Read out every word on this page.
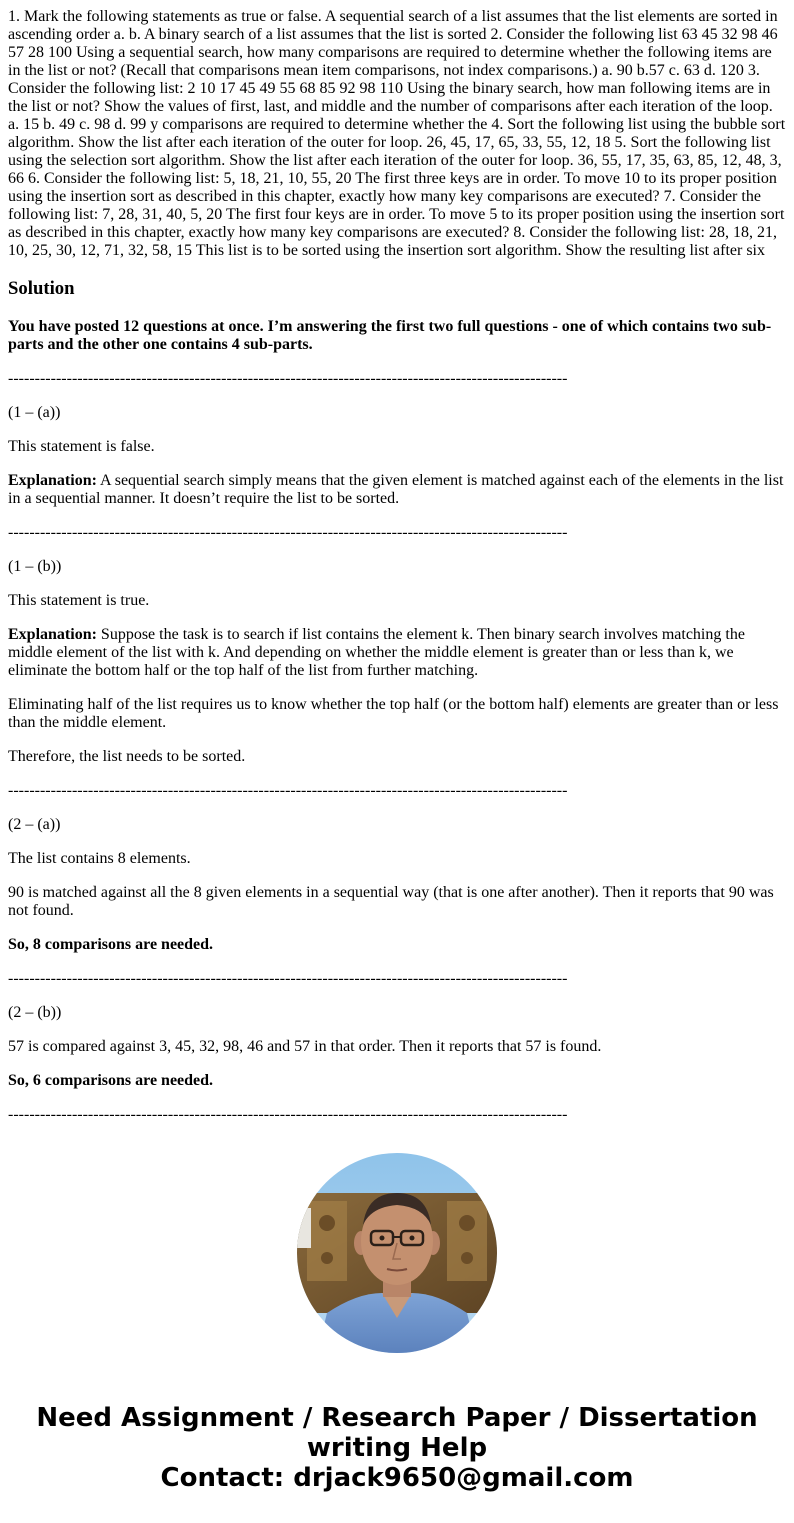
1. Mark the following statements as true or false. A sequential search of a list assumes that the list elements are sorted in ascending order a. b. A binary search of a list assumes that the list is sorted 2. Consider the following list 63 45 32 98 46 57 28 100 Using a sequential search, how many comparisons are required to determine whether the following items are in the list or not? (Recall that comparisons mean item comparisons, not index comparisons.) a. 90 b.57 c. 63 d. 120 3. Consider the following list: 2 10 17 45 49 55 68 85 92 98 110 Using the binary search, how man following items are in the list or not? Show the values of first, last, and middle and the number of comparisons after each iteration of the loop. a. 15 b. 49 c. 98 d. 99 y comparisons are required to determine whether the 4. Sort the following list using the bubble sort algorithm. Show the list after each iteration of the outer for loop. 26, 45, 17, 65, 33, 55, 12, 18 5. Sort the following list using the selection sort algorithm. Show the list after each iteration of the outer for loop. 36, 55, 17, 35, 63, 85, 12, 48, 3, 66 6. Consider the following list: 5, 18, 21, 10, 55, 20 The first three keys are in order. To move 10 to its proper position using the insertion sort as described in this chapter, exactly how many key comparisons are executed? 7. Consider the following list: 7, 28, 31, 40, 5, 20 The first four keys are in order. To move 5 to its proper position using the insertion sort as described in this chapter, exactly how many key comparisons are executed? 8. Consider the following list: 28, 18, 21, 10, 25, 30, 12, 71, 32, 58, 15 This list is to be sorted using the insertion sort algorithm. Show the resulting list after six

Solution

You have posted 12 questions at once. I’m answering the first two full questions - one of which contains two sub-parts and the other one contains 4 sub-parts.

---------------------------------------------------------------------------------------------------------

(1 – (a))

This statement is false.

Explanation: A sequential search simply means that the given element is matched against each of the elements in the list in a sequential manner. It doesn’t require the list to be sorted.

---------------------------------------------------------------------------------------------------------

(1 – (b))

This statement is true.

Explanation: Suppose the task is to search if list contains the element k. Then binary search involves matching the middle element of the list with k. And depending on whether the middle element is greater than or less than k, we eliminate the bottom half or the top half of the list from further matching.

Eliminating half of the list requires us to know whether the top half (or the bottom half) elements are greater than or less than the middle element.

Therefore, the list needs to be sorted.

---------------------------------------------------------------------------------------------------------

(2 – (a))

The list contains 8 elements.

90 is matched against all the 8 given elements in a sequential way (that is one after another). Then it reports that 90 was not found.

So, 8 comparisons are needed.

---------------------------------------------------------------------------------------------------------

(2 – (b))

57 is compared against 3, 45, 32, 98, 46 and 57 in that order. Then it reports that 57 is found.

So, 6 comparisons are needed.

---------------------------------------------------------------------------------------------------------

Need Assignment / Research Paper / Dissertation
writing Help
Contact: drjack9650@gmail.com
